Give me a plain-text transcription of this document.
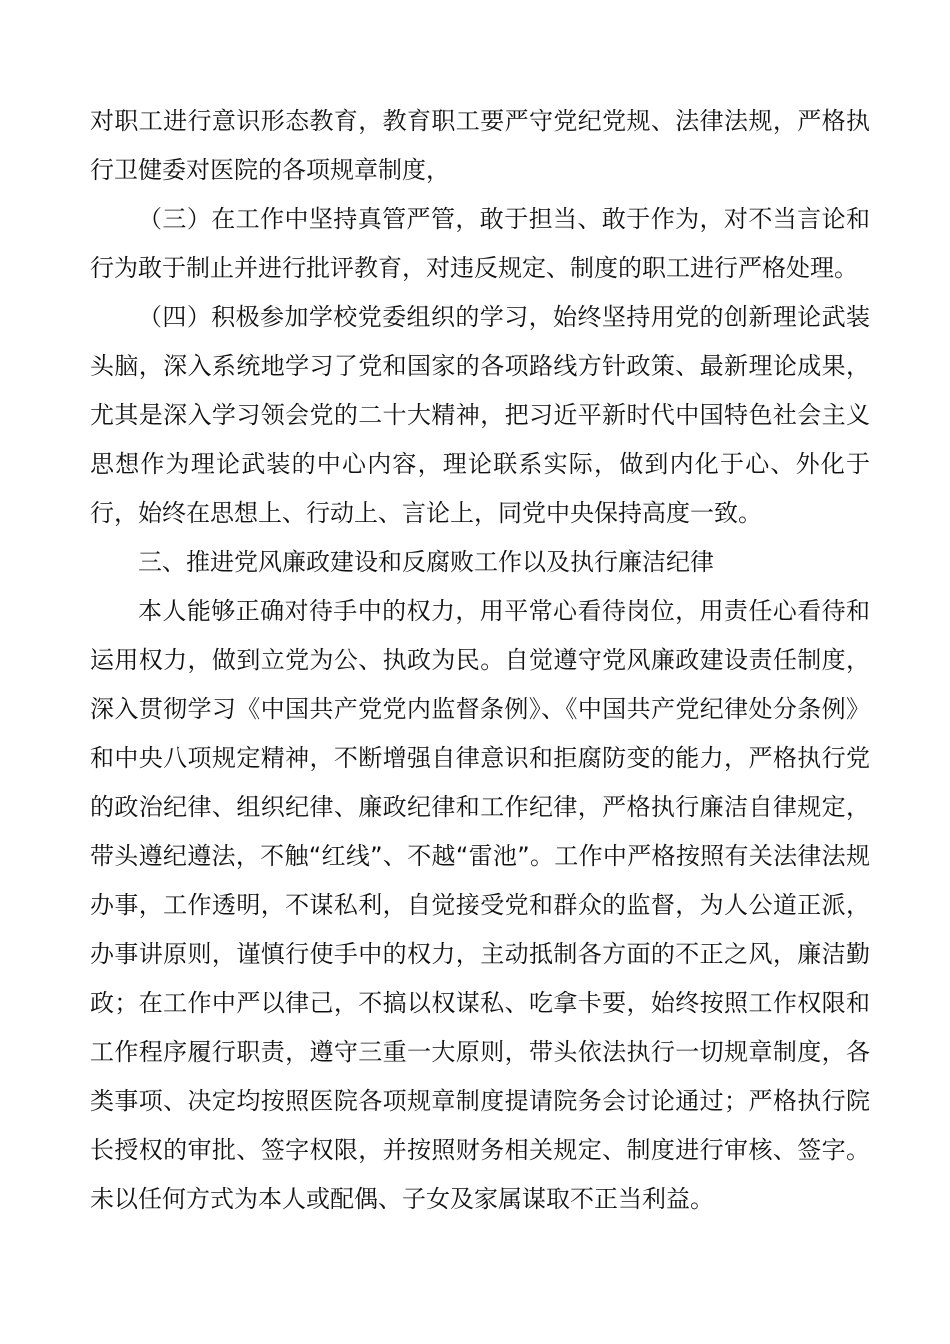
对职工进行意识形态教育，教育职工要严守党纪党规、法律法规，严格执行卫健委对医院的各项规章制度，

（三）在工作中坚持真管严管，敢于担当、敢于作为，对不当言论和行为敢于制止并进行批评教育，对违反规定、制度的职工进行严格处理。

（四）积极参加学校党委组织的学习，始终坚持用党的创新理论武装头脑，深入系统地学习了党和国家的各项路线方针政策、最新理论成果，尤其是深入学习领会党的二十大精神，把习近平新时代中国特色社会主义思想作为理论武装的中心内容，理论联系实际，做到内化于心、外化于行，始终在思想上、行动上、言论上，同党中央保持高度一致。

三、推进党风廉政建设和反腐败工作以及执行廉洁纪律

本人能够正确对待手中的权力，用平常心看待岗位，用责任心看待和运用权力，做到立党为公、执政为民。自觉遵守党风廉政建设责任制度，深入贯彻学习《中国共产党党内监督条例》、《中国共产党纪律处分条例》和中央八项规定精神，不断增强自律意识和拒腐防变的能力，严格执行党的政治纪律、组织纪律、廉政纪律和工作纪律，严格执行廉洁自律规定，带头遵纪遵法，不触“红线”、不越“雷池”。工作中严格按照有关法律法规办事，工作透明，不谋私利，自觉接受党和群众的监督，为人公道正派，办事讲原则，谨慎行使手中的权力，主动抵制各方面的不正之风，廉洁勤政；在工作中严以律己，不搞以权谋私、吃拿卡要，始终按照工作权限和工作程序履行职责，遵守三重一大原则，带头依法执行一切规章制度，各类事项、决定均按照医院各项规章制度提请院务会讨论通过；严格执行院长授权的审批、签字权限，并按照财务相关规定、制度进行审核、签字。未以任何方式为本人或配偶、子女及家属谋取不正当利益。
